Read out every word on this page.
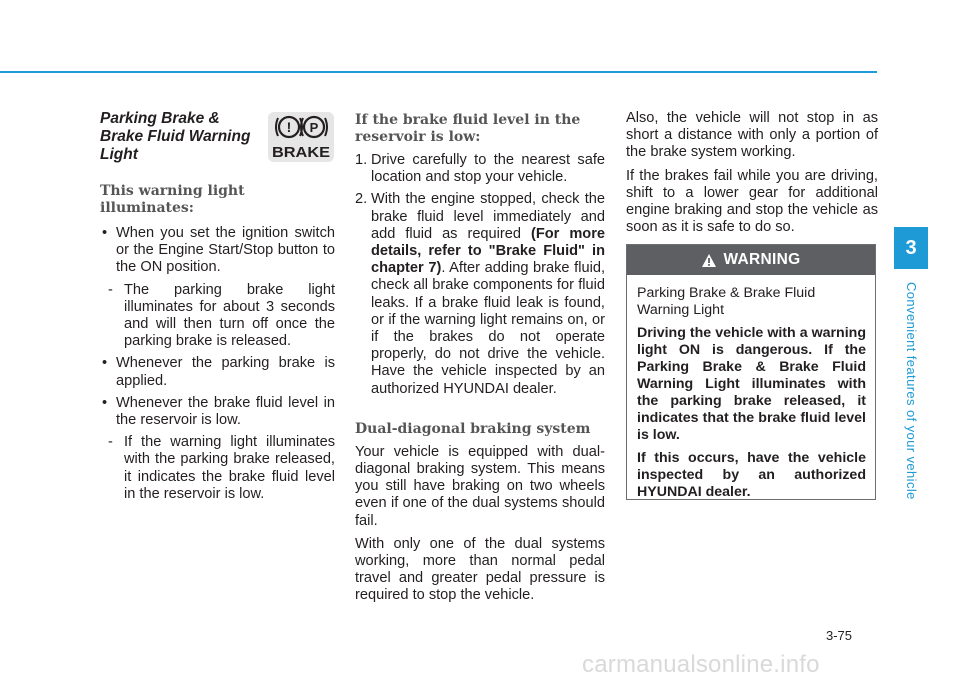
Parking Brake & Brake Fluid Warning Light

! P
BRAKE

This warning light illuminates:

• When you set the ignition switch or the Engine Start/Stop button to the ON position.

- The parking brake light illuminates for about 3 seconds and will then turn off once the parking brake is released.

• Whenever the parking brake is applied.

• Whenever the brake fluid level in the reservoir is low.

- If the warning light illuminates with the parking brake released, it indicates the brake fluid level in the reservoir is low.

If the brake fluid level in the reservoir is low:

1. Drive carefully to the nearest safe location and stop your vehicle.

2. With the engine stopped, check the brake fluid level immediately and add fluid as required (For more details, refer to "Brake Fluid" in chapter 7). After adding brake fluid, check all brake components for fluid leaks. If a brake fluid leak is found, or if the warning light remains on, or if the brakes do not operate properly, do not drive the vehicle. Have the vehicle inspected by an authorized HYUNDAI dealer.

Dual-diagonal braking system

Your vehicle is equipped with dual-diagonal braking system. This means you still have braking on two wheels even if one of the dual systems should fail.

With only one of the dual systems working, more than normal pedal travel and greater pedal pressure is required to stop the vehicle.

Also, the vehicle will not stop in as short a distance with only a portion of the brake system working.

If the brakes fail while you are driving, shift to a lower gear for additional engine braking and stop the vehicle as soon as it is safe to do so.

WARNING

Parking Brake & Brake Fluid Warning Light

Driving the vehicle with a warning light ON is dangerous. If the Parking Brake & Brake Fluid Warning Light illuminates with the parking brake released, it indicates that the brake fluid level is low.

If this occurs, have the vehicle inspected by an authorized HYUNDAI dealer.

3
Convenient features of your vehicle
3-75
carmanualsonline.info
